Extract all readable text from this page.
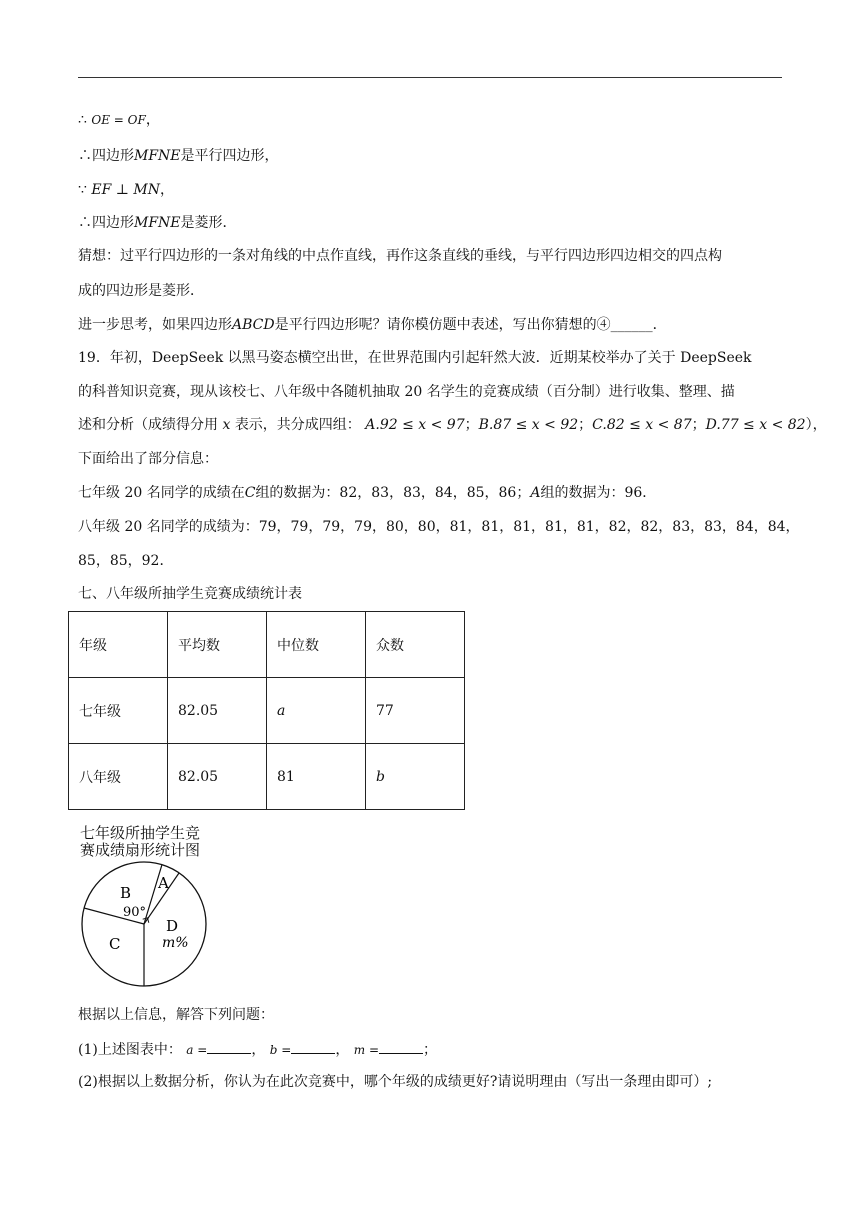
∴ OE = OF，
∴四边形MFNE是平行四边形，
∵ EF ⊥ MN，
∴四边形MFNE是菱形．
猜想：过平行四边形的一条对角线的中点作直线，再作这条直线的垂线，与平行四边形四边相交的四点构
成的四边形是菱形．
进一步思考，如果四边形ABCD是平行四边形呢？请你模仿题中表述，写出你猜想的④______．
19．年初，DeepSeek 以黑马姿态横空出世，在世界范围内引起轩然大波．近期某校举办了关于 DeepSeek
的科普知识竞赛，现从该校七、八年级中各随机抽取 20 名学生的竞赛成绩（百分制）进行收集、整理、描
述和分析（成绩得分用 x 表示，共分成四组： A.92 ≤ x < 97；B.87 ≤ x < 92；C.82 ≤ x < 87；D.77 ≤ x < 82），
下面给出了部分信息：
七年级 20 名同学的成绩在C组的数据为：82，83，83，84，85，86；A组的数据为：96．
八年级 20 名同学的成绩为：79，79，79，79，80，80，81，81，81，81，81，82，82，83，83，84，84，
85，85，92．
七、八年级所抽学生竞赛成绩统计表
年级	平均数	中位数	众数
七年级	82.05	a	77
八年级	82.05	81	b
七年级所抽学生竞
赛成绩扇形统计图
A
B
90°
C
D
m%
根据以上信息，解答下列问题：
(1)上述图表中： a =	， b =	， m =	；
(2)根据以上数据分析，你认为在此次竞赛中，哪个年级的成绩更好?请说明理由（写出一条理由即可）;
